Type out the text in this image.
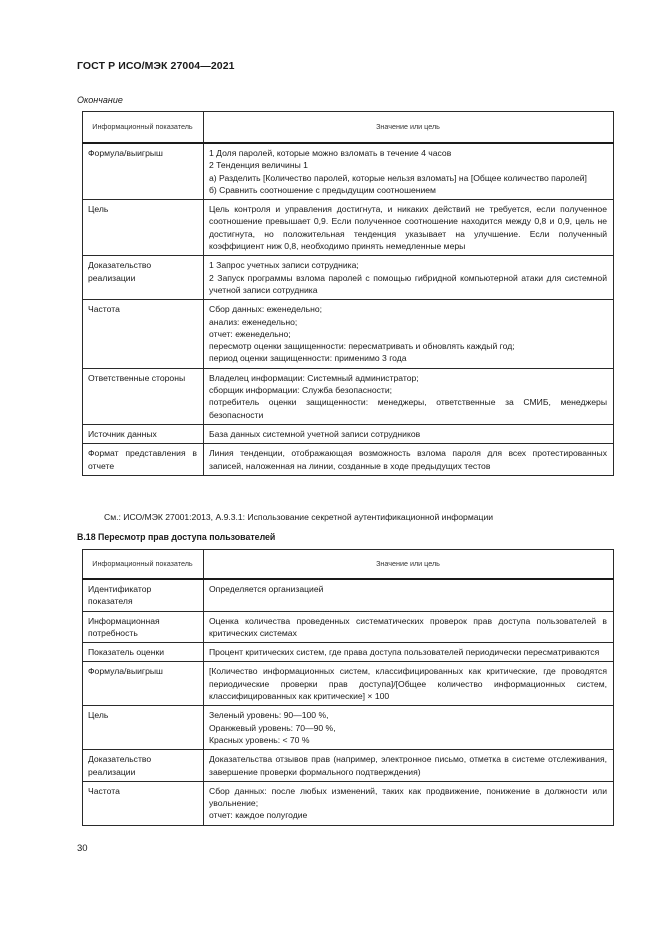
ГОСТ Р ИСО/МЭК 27004—2021
Окончание
Информационный показатель	Значение или цель
Формула/выигрыш	1 Доля паролей, которые можно взломать в течение 4 часов
2 Тенденция величины 1
а) Разделить [Количество паролей, которые нельзя взломать] на [Общее количество паролей]
б) Сравнить соотношение с предыдущим соотношением

Цель	Цель контроля и управления достигнута, и никаких действий не требуется, если полученное соотношение превышает 0,9. Если полученное соотношение находится между 0,8 и 0,9, цель не достигнута, но положительная тенденция указывает на улучшение. Если полученный коэффициент ниж 0,8, необходимо принять немедленные меры

Доказательство реализации	1 Запрос учетных записи сотрудника;
2 Запуск программы взлома паролей с помощью гибридной компьютерной атаки для системной учетной записи сотрудника

Частота	Сбор данных: еженедельно;
анализ: еженедельно;
отчет: еженедельно;
пересмотр оценки защищенности: пересматривать и обновлять каждый год;
период оценки защищенности: применимо 3 года

Ответственные стороны	Владелец информации: Системный администратор;
сборщик информации: Служба безопасности;
потребитель оценки защищенности: менеджеры, ответственные за СМИБ, менеджеры безопасности

Источник данных	База данных системной учетной записи сотрудников

Формат представления в отчете	Линия тенденции, отображающая возможность взлома пароля для всех протестированных записей, наложенная на линии, созданные в ходе предыдущих тестов
См.: ИСО/МЭК 27001:2013, А.9.3.1: Использование секретной аутентификационной информации
В.18 Пересмотр прав доступа пользователей
Информационный показатель	Значение или цель
Идентификатор показателя	Определяется организацией

Информационная потребность	Оценка количества проведенных систематических проверок прав доступа пользователей в критических системах

Показатель оценки	Процент критических систем, где права доступа пользователей периодически пересматриваются

Формула/выигрыш	[Количество информационных систем, классифицированных как критические, где проводятся периодические проверки прав доступа]/[Общее количество информационных систем, классифицированных как критические] × 100

Цель	Зеленый уровень: 90—100 %,
Оранжевый уровень: 70—90 %,
Красных уровень: < 70 %

Доказательство реализации	Доказательства отзывов прав (например, электронное письмо, отметка в системе отслеживания, завершение проверки формального подтверждения)

Частота	Сбор данных: после любых изменений, таких как продвижение, понижение в должности или увольнение;
отчет: каждое полугодие
30
